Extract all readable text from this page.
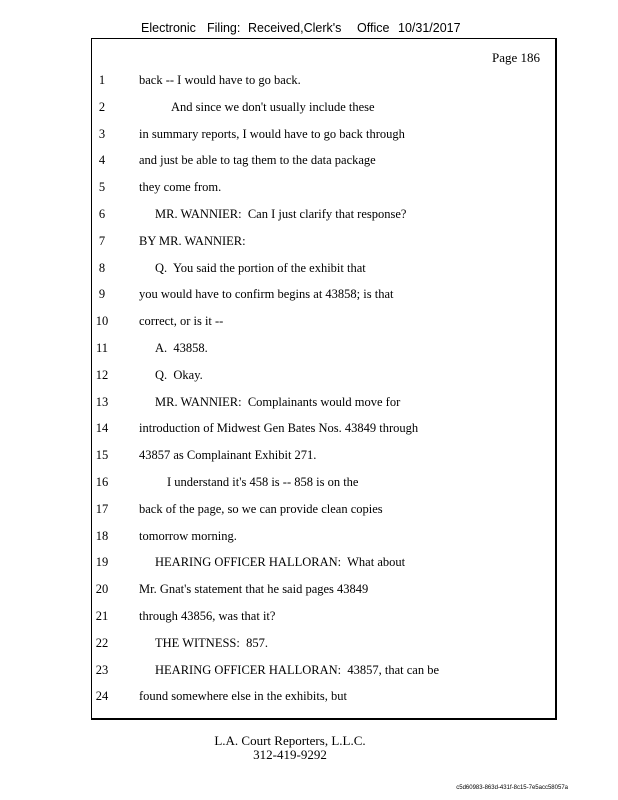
Electronic Filing: Received,Clerk's Office 10/31/2017
Page 186
1	back -- I would have to go back.
2	And since we don't usually include these
3	in summary reports, I would have to go back through
4	and just be able to tag them to the data package
5	they come from.
6	MR. WANNIER:  Can I just clarify that response?
7	BY MR. WANNIER:
8	Q.  You said the portion of the exhibit that
9	you would have to confirm begins at 43858; is that
10	correct, or is it --
11	A.  43858.
12	Q.  Okay.
13	MR. WANNIER:  Complainants would move for
14	introduction of Midwest Gen Bates Nos. 43849 through
15	43857 as Complainant Exhibit 271.
16	I understand it's 458 is -- 858 is on the
17	back of the page, so we can provide clean copies
18	tomorrow morning.
19	HEARING OFFICER HALLORAN:  What about
20	Mr. Gnat's statement that he said pages 43849
21	through 43856, was that it?
22	THE WITNESS:  857.
23	HEARING OFFICER HALLORAN:  43857, that can be
24	found somewhere else in the exhibits, but
L.A. Court Reporters, L.L.C.
312-419-9292
c5d60983-863d-431f-8c15-7e5acc58057a
